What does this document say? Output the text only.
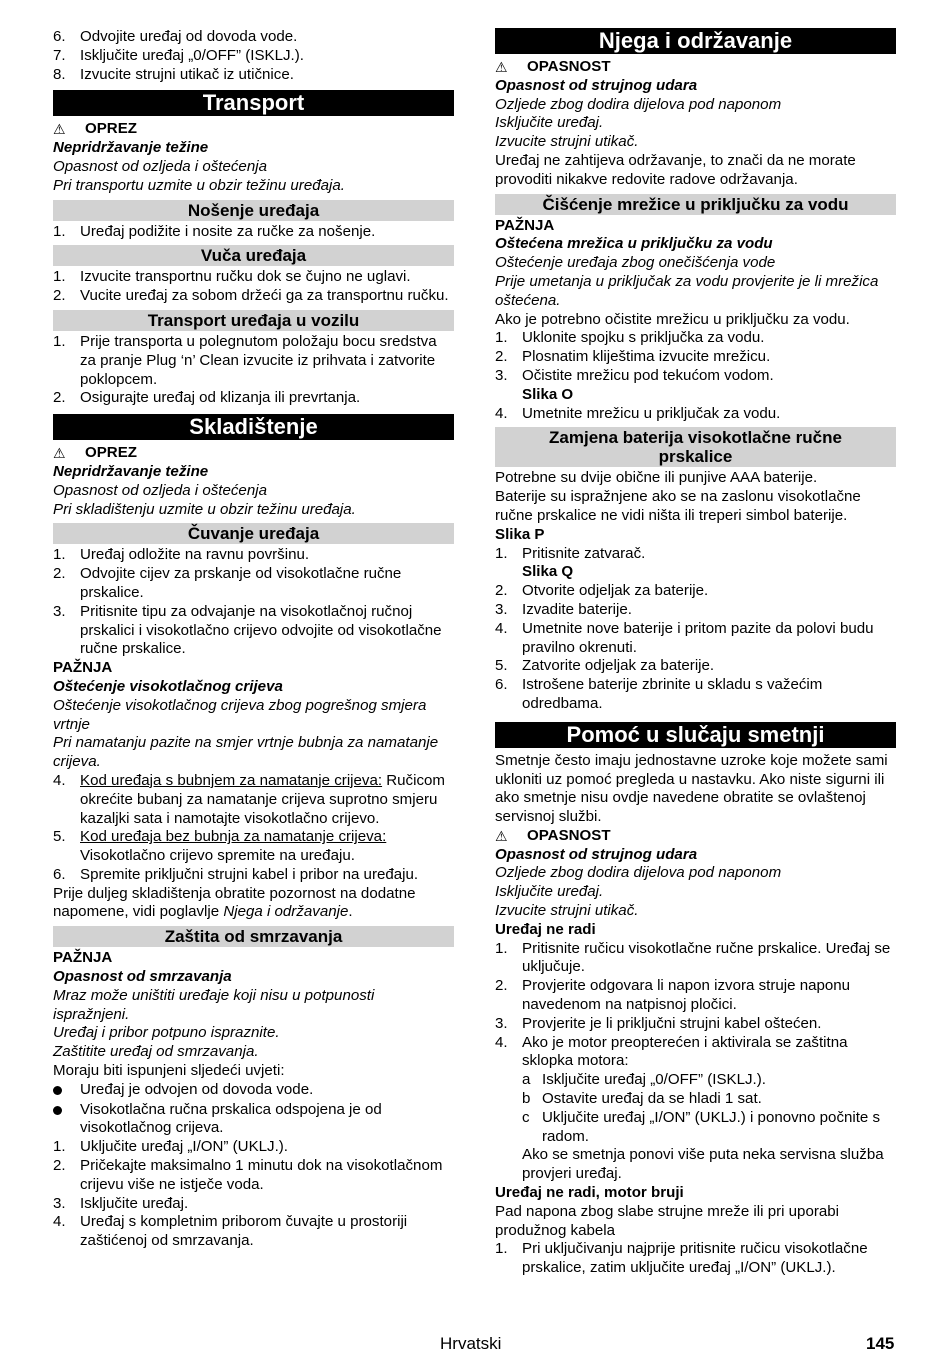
6. Odvojite uređaj od dovoda vode.
7. Isključite uređaj „0/OFF” (ISKLJ.).
8. Izvucite strujni utikač iz utičnice.
Transport
⚠	OPREZ

Nepridržavanje težine

Opasnost od ozljeda i oštećenja

Pri transportu uzmite u obzir težinu uređaja.

Nošenje uređaja
1. Uređaj podižite i nosite za ručke za nošenje.
Vuča uređaja
1. Izvucite transportnu ručku dok se čujno ne uglavi.
2. Vucite uređaj za sobom držeći ga za transportnu ručku.
Transport uređaja u vozilu
1. Prije transporta u polegnutom položaju bocu sredstva za pranje Plug ‘n’ Clean izvucite iz prihvata i zatvorite poklopcem.
2. Osigurajte uređaj od klizanja ili prevrtanja.
Skladištenje
⚠	OPREZ

Nepridržavanje težine

Opasnost od ozljeda i oštećenja

Pri skladištenju uzmite u obzir težinu uređaja.

Čuvanje uređaja
1. Uređaj odložite na ravnu površinu.
2. Odvojite cijev za prskanje od visokotlačne ručne prskalice.
3. Pritisnite tipu za odvajanje na visokotlačnoj ručnoj prskalici i visokotlačno crijevo odvojite od visokotlačne ručne prskalice.

PAŽNJA

Oštećenje visokotlačnog crijeva

Oštećenje visokotlačnog crijeva zbog pogrešnog smjera vrtnje

Pri namatanju pazite na smjer vrtnje bubnja za namatanje crijeva.

4. Kod uređaja s bubnjem za namatanje crijeva: Ručicom okrećite bubanj za namatanje crijeva suprotno smjeru kazaljki sata i namotajte visokotlačno crijevo.
5. Kod uređaja bez bubnja za namatanje crijeva: Visokotlačno crijevo spremite na uređaju.
6. Spremite priključni strujni kabel i pribor na uređaju.

Prije duljeg skladištenja obratite pozornost na dodatne napomene, vidi poglavlje Njega i održavanje.

Zaštita od smrzavanja

PAŽNJA

Opasnost od smrzavanja

Mraz može uništiti uređaje koji nisu u potpunosti ispražnjeni.

Uređaj i pribor potpuno ispraznite.

Zaštitite uređaj od smrzavanja.

Moraju biti ispunjeni sljedeći uvjeti:

Uređaj je odvojen od dovoda vode.
Visokotlačna ručna prskalica odspojena je od visokotlačnog crijeva.
1. Uključite uređaj „I/ON” (UKLJ.).
2. Pričekajte maksimalno 1 minutu dok na visokotlačnom crijevu više ne istječe voda.
3. Isključite uređaj.
4. Uređaj s kompletnim priborom čuvajte u prostoriji zaštićenoj od smrzavanja.
Njega i održavanje
⚠	OPASNOST

Opasnost od strujnog udara

Ozljede zbog dodira dijelova pod naponom

Isključite uređaj.

Izvucite strujni utikač.

Uređaj ne zahtijeva održavanje, to znači da ne morate provoditi nikakve redovite radove održavanja.

Čišćenje mrežice u priključku za vodu

PAŽNJA

Oštećena mrežica u priključku za vodu

Oštećenje uređaja zbog onečišćenja vode

Prije umetanja u priključak za vodu provjerite je li mrežica oštećena.

Ako je potrebno očistite mrežicu u priključku za vodu.

1. Uklonite spojku s priključka za vodu.
2. Plosnatim kliještima izvucite mrežicu.
3. Očistite mrežicu pod tekućom vodom.

Slika O

4. Umetnite mrežicu u priključak za vodu.
Zamjena baterija visokotlačne ručne
prskalice

Potrebne su dvije obične ili punjive AAA baterije.

Baterije su ispražnjene ako se na zaslonu visokotlačne ručne prskalice ne vidi ništa ili treperi simbol baterije.

Slika P

1. Pritisnite zatvarač.

Slika Q

2. Otvorite odjeljak za baterije.
3. Izvadite baterije.
4. Umetnite nove baterije i pritom pazite da polovi budu pravilno okrenuti.
5. Zatvorite odjeljak za baterije.
6. Istrošene baterije zbrinite u skladu s važećim odredbama.
Pomoć u slučaju smetnji

Smetnje često imaju jednostavne uzroke koje možete sami ukloniti uz pomoć pregleda u nastavku. Ako niste sigurni ili ako smetnje nisu ovdje navedene obratite se ovlaštenoj servisnoj službi.

⚠	OPASNOST

Opasnost od strujnog udara

Ozljede zbog dodira dijelova pod naponom

Isključite uređaj.

Izvucite strujni utikač.

Uređaj ne radi

1. Pritisnite ručicu visokotlačne ručne prskalice. Uređaj se uključuje.
2. Provjerite odgovara li napon izvora struje naponu navedenom na natpisnoj pločici.
3. Provjerite je li priključni strujni kabel oštećen.
4. Ako je motor preopterećen i aktivirala se zaštitna sklopka motora:
a Isključite uređaj „0/OFF” (ISKLJ.).
b Ostavite uređaj da se hladi 1 sat.
c Uključite uređaj „I/ON” (UKLJ.) i ponovno počnite s radom.

Ako se smetnja ponovi više puta neka servisna služba provjeri uređaj.

Uređaj ne radi, motor bruji

Pad napona zbog slabe strujne mreže ili pri uporabi produžnog kabela

1. Pri uključivanju najprije pritisnite ručicu visokotlačne prskalice, zatim uključite uređaj „I/ON” (UKLJ.).
Hrvatski	145
